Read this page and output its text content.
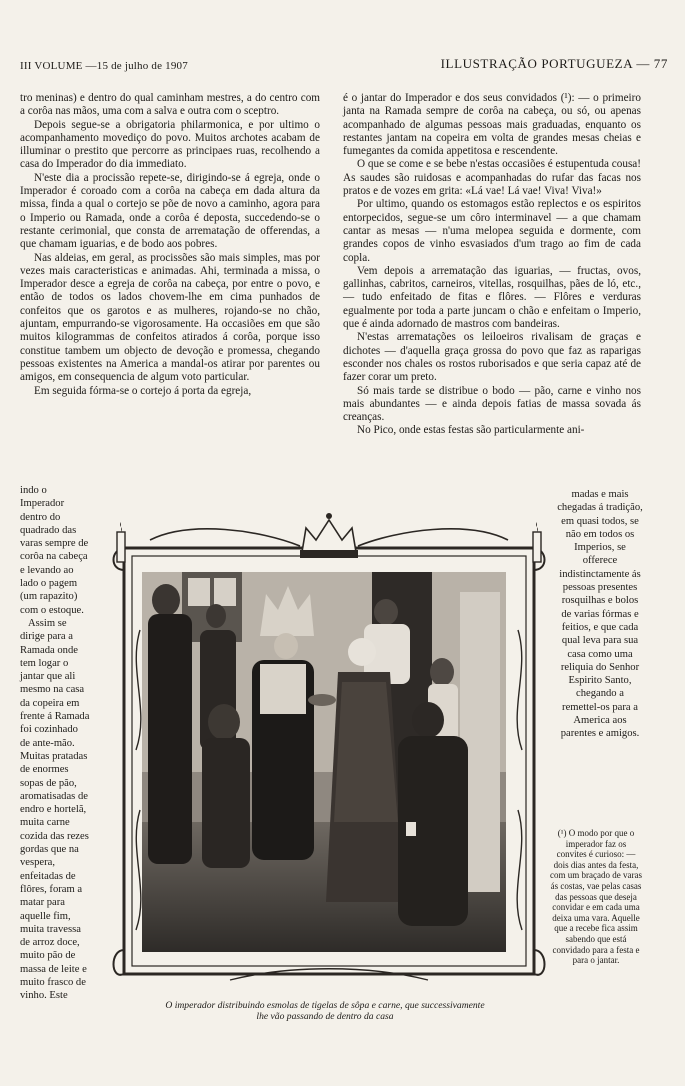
III VOLUME —15 de julho de 1907	ILLUSTRAÇÃO PORTUGUEZA — 77

tro meninas) e dentro do qual caminham mestres, a do centro com a corôa nas mãos, uma com a salva e outra com o sceptro.

Depois segue-se a obrigatoria philarmonica, e por ultimo o acompanhamento movediço do povo. Muitos archotes acabam de illuminar o prestito que percorre as principaes ruas, recolhendo a casa do Imperador do dia immediato.

N'este dia a procissão repete-se, dirigindo-se á egreja, onde o Imperador é coroado com a corôa na cabeça em dada altura da missa, finda a qual o cortejo se põe de novo a caminho, agora para o Imperio ou Ramada, onde a corôa é deposta, succedendo-se o restante cerimonial, que consta de arrematação de offerendas, a que chamam iguarias, e de bodo aos pobres.

Nas aldeias, em geral, as procissões são mais simples, mas por vezes mais caracteristicas e animadas. Ahi, terminada a missa, o Imperador desce a egreja de corôa na cabeça, por entre o povo, e então de todos os lados chovem-lhe em cima punhados de confeitos que os garotos e as mulheres, rojando-se no chão, ajuntam, empurrando-se vigorosamente. Ha occasiões em que são muitos kilogrammas de confeitos atirados á corôa, porque isso constitue tambem um objecto de devoção e promessa, chegando pessoas existentes na America a mandal-os atirar por parentes ou amigos, em consequencia de algum voto particular.

Em seguida fórma-se o cortejo á porta da egreja,

é o jantar do Imperador e dos seus convidados (¹): — o primeiro janta na Ramada sempre de corôa na cabeça, ou só, ou apenas acompanhado de algumas pessoas mais graduadas, enquanto os restantes jantam na copeira em volta de grandes mesas cheias e fumegantes da comida appetitosa e rescendente.

O que se come e se bebe n'estas occasiões é estupentuda cousa! As saudes são ruidosas e acompanhadas do rufar das facas nos pratos e de vozes em grita: «Lá vae! Lá vae! Viva! Viva!»

Por ultimo, quando os estomagos estão replectos e os espiritos entorpecidos, segue-se um côro interminavel — a que chamam cantar as mesas — n'uma melopea seguida e dormente, com grandes copos de vinho esvasiados d'um trago ao fim de cada copla.

Vem depois a arrematação das iguarias, — fructas, ovos, gallinhas, cabritos, carneiros, vitellas, rosquilhas, pães de ló, etc., — tudo enfeitado de fitas e flôres. — Flôres e verduras egualmente por toda a parte juncam o chão e enfeitam o Imperio, que é ainda adornado de mastros com bandeiras.

N'estas arrematações os leiloeiros rivalisam de graças e dichotes — d'aquella graça grossa do povo que faz as raparigas esconder nos chales os rostos ruborisados e que seria capaz até de fazer corar um preto.

Só mais tarde se distribue o bodo — pão, carne e vinho nos mais abundantes — e ainda depois fatias de massa sovada ás creanças.

No Pico, onde estas festas são particularmente ani-

indo o Imperador dentro do quadrado das varas sempre de corôa na cabeça e levando ao lado o pagem (um rapazito) com o estoque.

Assim se dirige para a Ramada onde tem logar o jantar que ali mesmo na casa da copeira em frente á Ramada foi cozinhado de ante-mão. Muitas pratadas de enormes sopas de pão, aromatisadas de endro e hortelã, muita carne cozida das rezes gordas que na vespera, enfeitadas de flôres, foram a matar para aquelle fim, muita travessa de arroz doce, muito pão de massa de leite e muito frasco de vinho. Este

madas e mais chegadas á tradição, em quasi todos, se não em todos os Imperios, se offerece indistinctamente ás pessoas presentes rosquilhas e bolos de varias fórmas e feitios, e que cada qual leva para sua casa como uma reliquia do Senhor Espirito Santo, chegando a remettel-os para a America aos parentes e amigos.

(¹) O modo por que o imperador faz os convites é curioso: — dois dias antes da festa, com um braçado de varas ás costas, vae pelas casas das pessoas que deseja convidar e em cada uma deixa uma vara. Aquelle que a recebe fica assim sabendo que está convidado para a festa e para o jantar.
O imperador distribuindo esmolas de tigelas de sôpa e carne, que successivamente
lhe vão passando de dentro da casa
